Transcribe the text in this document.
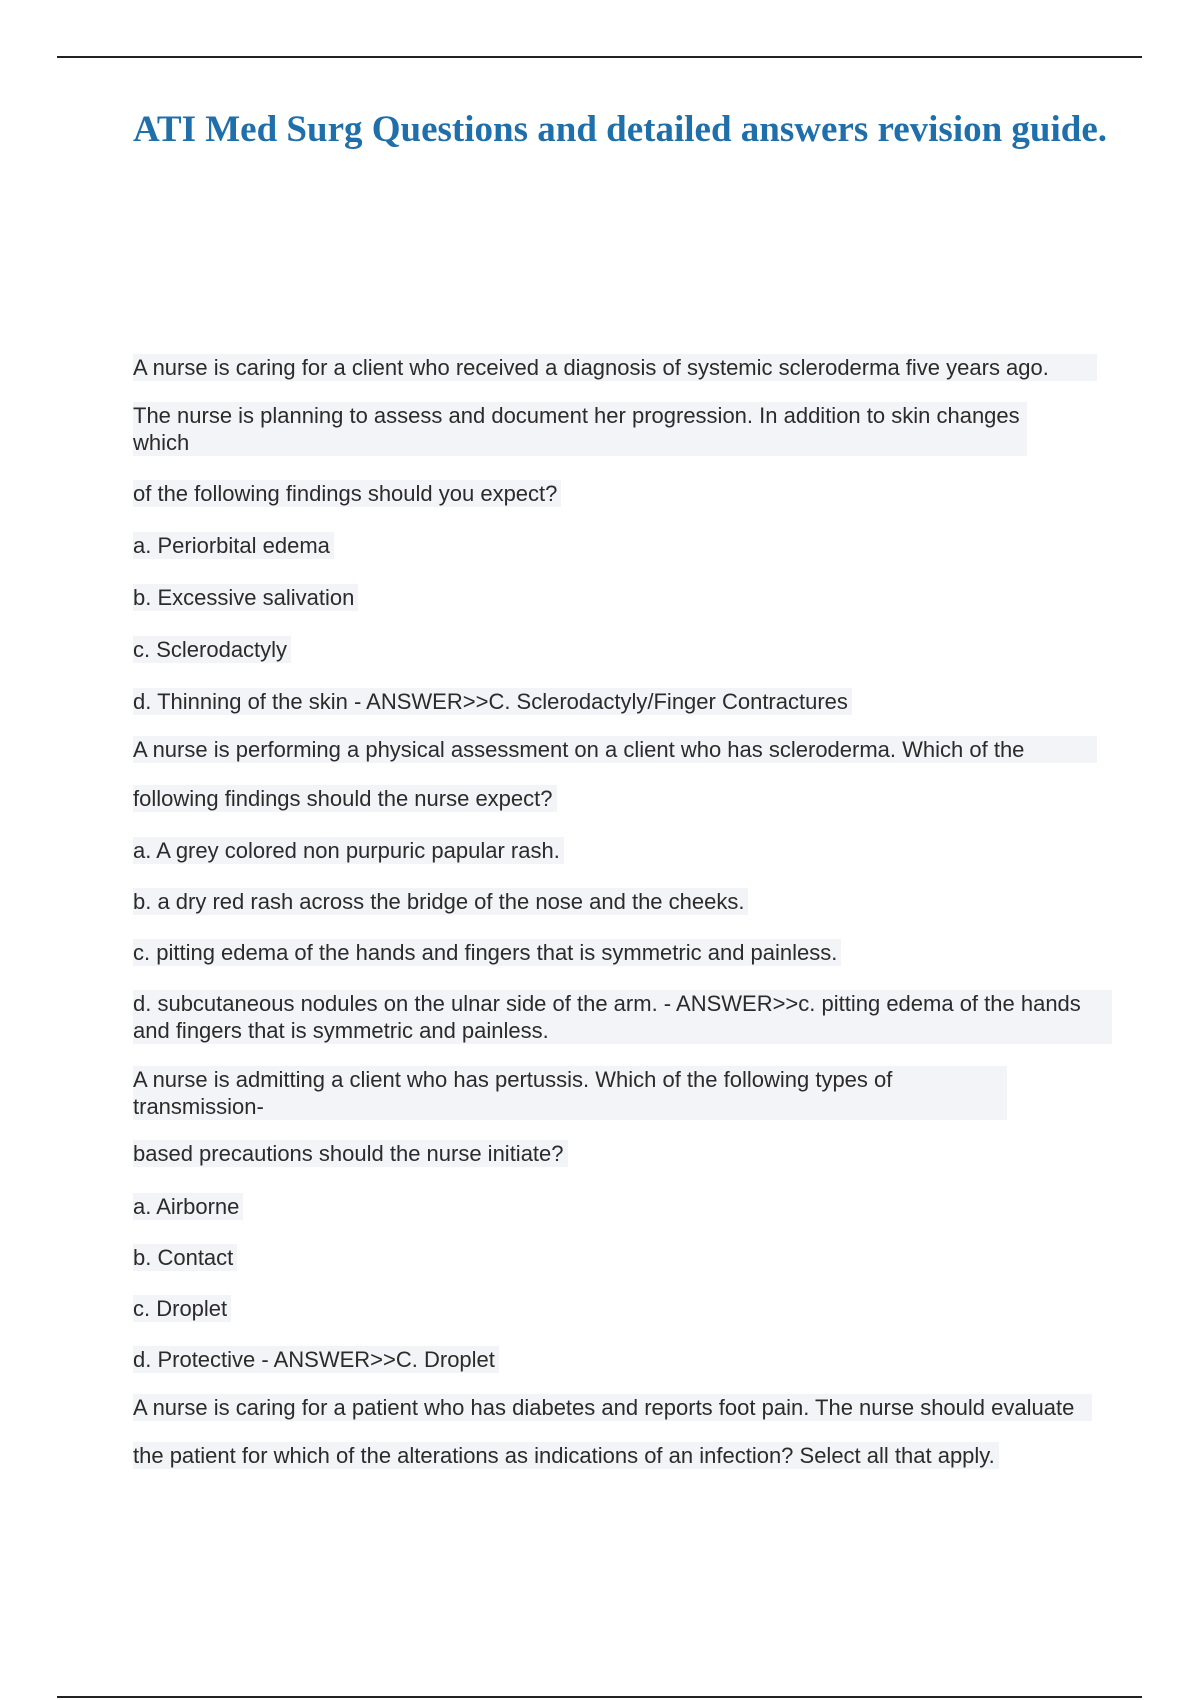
ATI Med Surg Questions and detailed answers revision guide.

A nurse is caring for a client who received a diagnosis of systemic scleroderma five years ago.

The nurse is planning to assess and document her progression. In addition to skin changes which

of the following findings should you expect?

a. Periorbital edema

b. Excessive salivation

c. Sclerodactyly

d. Thinning of the skin - ANSWER>>C. Sclerodactyly/Finger Contractures

A nurse is performing a physical assessment on a client who has scleroderma. Which of the

following findings should the nurse expect?

a. A grey colored non purpuric papular rash.

b. a dry red rash across the bridge of the nose and the cheeks.

c. pitting edema of the hands and fingers that is symmetric and painless.

d. subcutaneous nodules on the ulnar side of the arm. - ANSWER>>c. pitting edema of the hands and fingers that is symmetric and painless.

A nurse is admitting a client who has pertussis. Which of the following types of transmission-

based precautions should the nurse initiate?

a. Airborne

b. Contact

c. Droplet

d. Protective - ANSWER>>C. Droplet

A nurse is caring for a patient who has diabetes and reports foot pain. The nurse should evaluate

the patient for which of the alterations as indications of an infection? Select all that apply.
